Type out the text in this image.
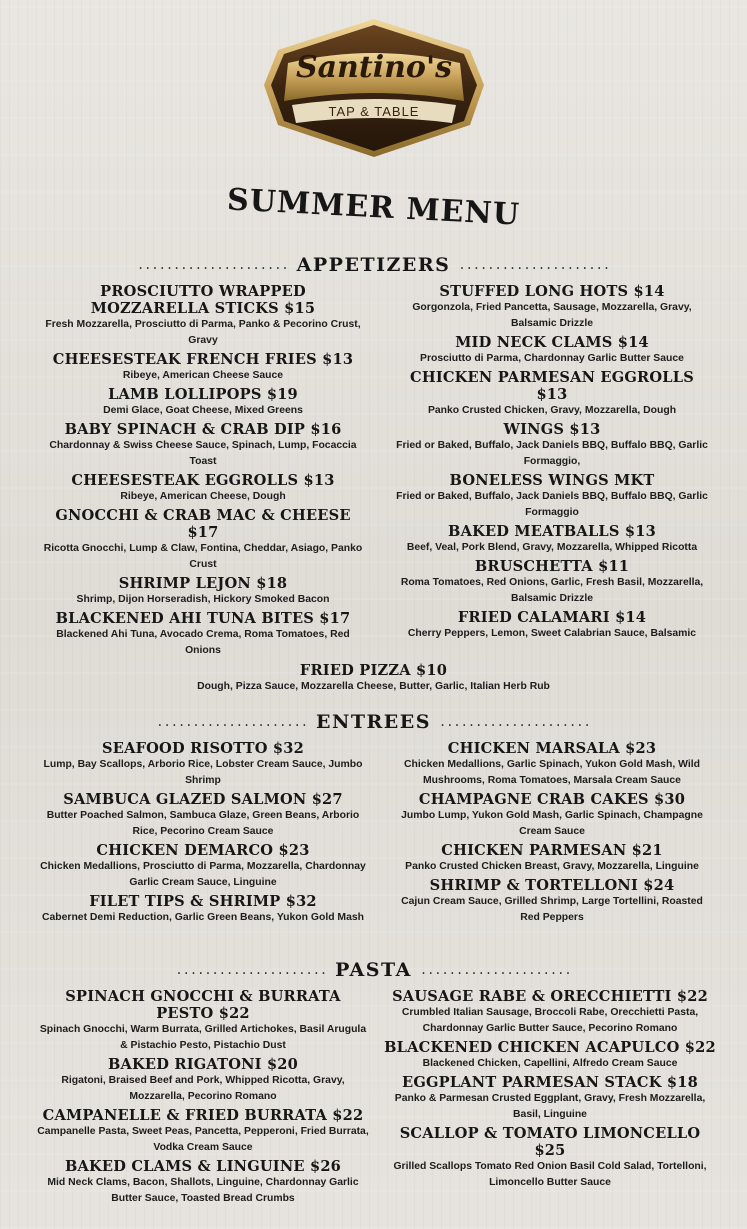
Santino's
TAP & TABLE
SUMMER MENU
..................... APPETIZERS .....................
PROSCIUTTO WRAPPED MOZZARELLA STICKS $15
Fresh Mozzarella, Prosciutto di Parma, Panko & Pecorino Crust, Gravy
CHEESESTEAK FRENCH FRIES $13
Ribeye, American Cheese Sauce
LAMB LOLLIPOPS $19
Demi Glace, Goat Cheese, Mixed Greens
BABY SPINACH & CRAB DIP $16
Chardonnay & Swiss Cheese Sauce, Spinach, Lump, Focaccia Toast
CHEESESTEAK EGGROLLS $13
Ribeye, American Cheese, Dough
GNOCCHI & CRAB MAC & CHEESE $17
Ricotta Gnocchi, Lump & Claw, Fontina, Cheddar, Asiago, Panko Crust
SHRIMP LEJON $18
Shrimp, Dijon Horseradish, Hickory Smoked Bacon
BLACKENED AHI TUNA BITES $17
Blackened Ahi Tuna, Avocado Crema, Roma Tomatoes, Red Onions
STUFFED LONG HOTS $14
Gorgonzola, Fried Pancetta, Sausage, Mozzarella, Gravy, Balsamic Drizzle
MID NECK CLAMS $14
Prosciutto di Parma, Chardonnay Garlic Butter Sauce
CHICKEN PARMESAN EGGROLLS $13
Panko Crusted Chicken, Gravy, Mozzarella, Dough
WINGS $13
Fried or Baked, Buffalo, Jack Daniels BBQ, Buffalo BBQ, Garlic Formaggio,
BONELESS WINGS MKT
Fried or Baked, Buffalo, Jack Daniels BBQ, Buffalo BBQ, Garlic Formaggio
BAKED MEATBALLS $13
Beef, Veal, Pork Blend, Gravy, Mozzarella, Whipped Ricotta
BRUSCHETTA $11
Roma Tomatoes, Red Onions, Garlic, Fresh Basil, Mozzarella, Balsamic Drizzle
FRIED CALAMARI $14
Cherry Peppers, Lemon, Sweet Calabrian Sauce, Balsamic
FRIED PIZZA $10
Dough, Pizza Sauce, Mozzarella Cheese, Butter, Garlic, Italian Herb Rub
..................... ENTREES .....................
SEAFOOD RISOTTO $32
Lump, Bay Scallops, Arborio Rice, Lobster Cream Sauce, Jumbo Shrimp
SAMBUCA GLAZED SALMON $27
Butter Poached Salmon, Sambuca Glaze, Green Beans, Arborio Rice, Pecorino Cream Sauce
CHICKEN DEMARCO $23
Chicken Medallions, Prosciutto di Parma, Mozzarella, Chardonnay Garlic Cream Sauce, Linguine
FILET TIPS & SHRIMP $32
Cabernet Demi Reduction, Garlic Green Beans, Yukon Gold Mash
CHICKEN MARSALA $23
Chicken Medallions, Garlic Spinach, Yukon Gold Mash, Wild Mushrooms, Roma Tomatoes, Marsala Cream Sauce
CHAMPAGNE CRAB CAKES $30
Jumbo Lump, Yukon Gold Mash, Garlic Spinach, Champagne Cream Sauce
CHICKEN PARMESAN $21
Panko Crusted Chicken Breast, Gravy, Mozzarella, Linguine
SHRIMP & TORTELLONI $24
Cajun Cream Sauce, Grilled Shrimp, Large Tortellini, Roasted Red Peppers
..................... PASTA .....................
SPINACH GNOCCHI & BURRATA PESTO $22
Spinach Gnocchi, Warm Burrata, Grilled Artichokes, Basil Arugula & Pistachio Pesto, Pistachio Dust
BAKED RIGATONI $20
Rigatoni, Braised Beef and Pork, Whipped Ricotta, Gravy, Mozzarella, Pecorino Romano
CAMPANELLE & FRIED BURRATA $22
Campanelle Pasta, Sweet Peas, Pancetta, Pepperoni, Fried Burrata, Vodka Cream Sauce
BAKED CLAMS & LINGUINE $26
Mid Neck Clams, Bacon, Shallots, Linguine, Chardonnay Garlic Butter Sauce, Toasted Bread Crumbs
SAUSAGE RABE & ORECCHIETTI $22
Crumbled Italian Sausage, Broccoli Rabe, Orecchietti Pasta, Chardonnay Garlic Butter Sauce, Pecorino Romano
BLACKENED CHICKEN ACAPULCO $22
Blackened Chicken, Capellini, Alfredo Cream Sauce
EGGPLANT PARMESAN STACK $18
Panko & Parmesan Crusted Eggplant, Gravy, Fresh Mozzarella, Basil, Linguine
SCALLOP & TOMATO LIMONCELLO $25
Grilled Scallops Tomato Red Onion Basil Cold Salad, Tortelloni, Limoncello Butter Sauce
